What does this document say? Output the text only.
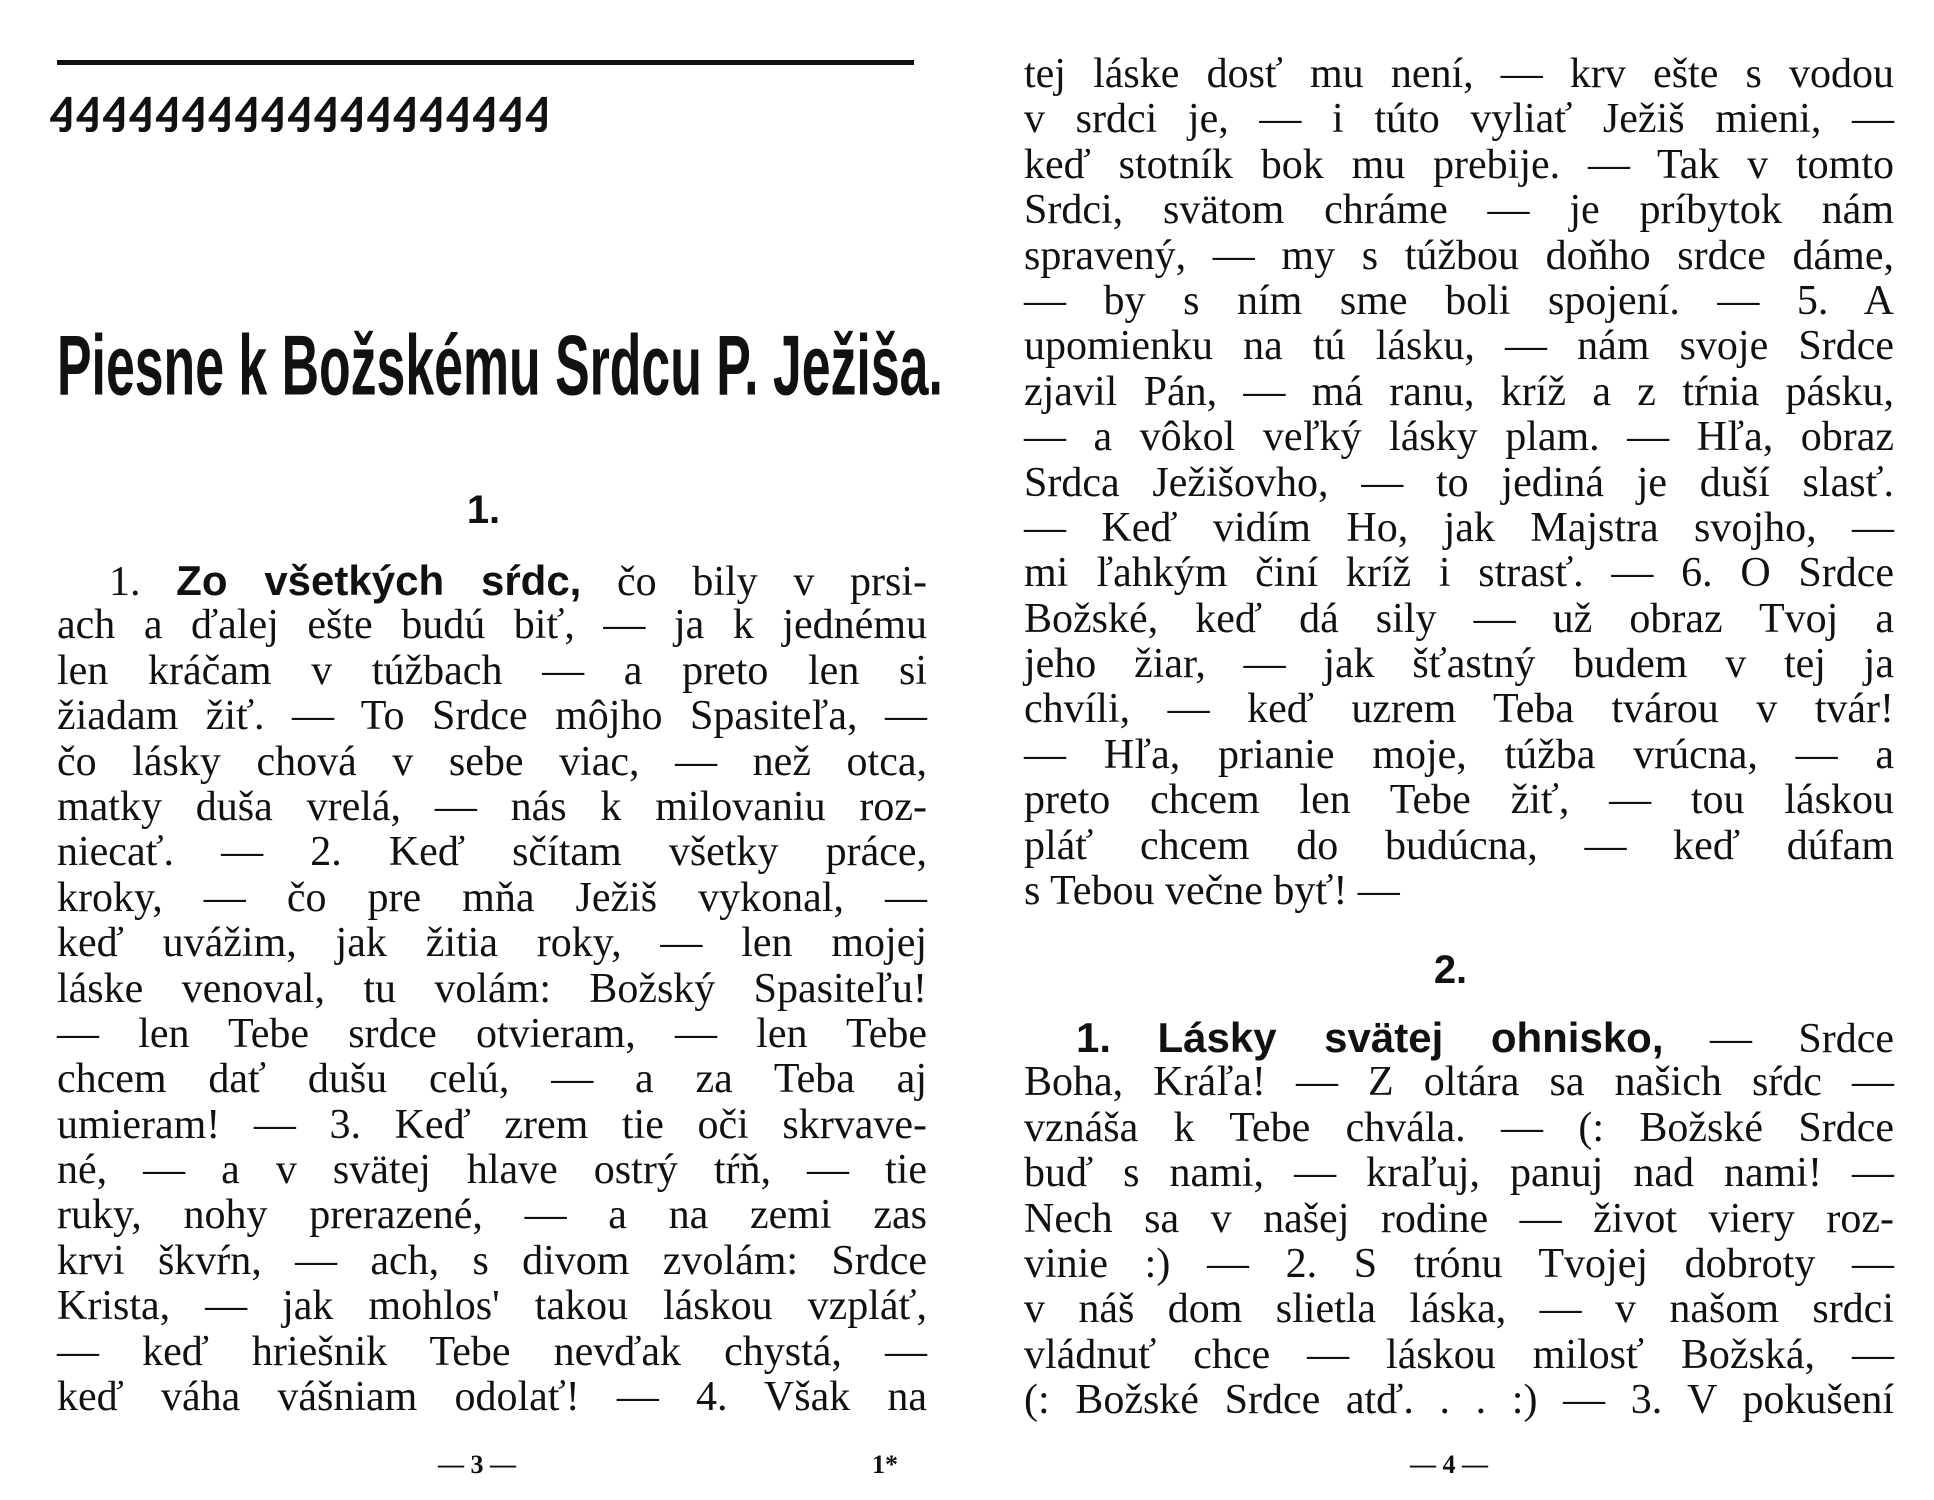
ꜭꜭꜭꜭꜭꜭꜭꜭꜭꜭꜭꜭꜭꜭꜭꜭꜭꜭꜭ
Piesne k Božskému Srdcu P. Ježiša.
1.
1. Zo všetkých sŕdc, čo bily v prsi-
ach a ďalej ešte budú biť, — ja k jednému
len kráčam v túžbach — a preto len si
žiadam žiť. — To Srdce môjho Spasiteľa, —
čo lásky chová v sebe viac, — než otca,
matky duša vrelá, — nás k milovaniu roz-
niecať. — 2. Keď sčítam všetky práce,
kroky, — čo pre mňa Ježiš vykonal, —
keď uvážim, jak žitia roky, — len mojej
láske venoval, tu volám: Božský Spasiteľu!
— len Tebe srdce otvieram, — len Tebe
chcem dať dušu celú, — a za Teba aj
umieram! — 3. Keď zrem tie oči skrvave-
né, — a v svätej hlave ostrý tŕň, — tie
ruky, nohy prerazené, — a na zemi zas
krvi škvŕn, — ach, s divom zvolám: Srdce
Krista, — jak mohlos' takou láskou vzpláť,
— keď hriešnik Tebe nevďak chystá, —
keď váha vášniam odolať! — 4. Však na
— 3 —	1*
tej láske dosť mu není, — krv ešte s vodou
v srdci je, — i túto vyliať Ježiš mieni, —
keď stotník bok mu prebije. — Tak v tomto
Srdci, svätom chráme — je príbytok nám
spravený, — my s túžbou doňho srdce dáme,
— by s ním sme boli spojení. — 5. A
upomienku na tú lásku, — nám svoje Srdce
zjavil Pán, — má ranu, kríž a z tŕnia pásku,
— a vôkol veľký lásky plam. — Hľa, obraz
Srdca Ježišovho, — to jediná je duší slasť.
— Keď vidím Ho, jak Majstra svojho, —
mi ľahkým činí kríž i strasť. — 6. O Srdce
Božské, keď dá sily — už obraz Tvoj a
jeho žiar, — jak šťastný budem v tej ja
chvíli, — keď uzrem Teba tvárou v tvár!
— Hľa, prianie moje, túžba vrúcna, — a
preto chcem len Tebe žiť, — tou láskou
pláť chcem do budúcna, — keď dúfam
s Tebou večne byť! —
2.
1. Lásky svätej ohnisko, — Srdce
Boha, Kráľa! — Z oltára sa našich sŕdc —
vznáša k Tebe chvála. — (: Božské Srdce
buď s nami, — kraľuj, panuj nad nami! —
Nech sa v našej rodine — život viery roz-
vinie :) — 2. S trónu Tvojej dobroty —
v náš dom slietla láska, — v našom srdci
vládnuť chce — láskou milosť Božská, —
(: Božské Srdce atď. . . :) — 3. V pokušení
— 4 —
